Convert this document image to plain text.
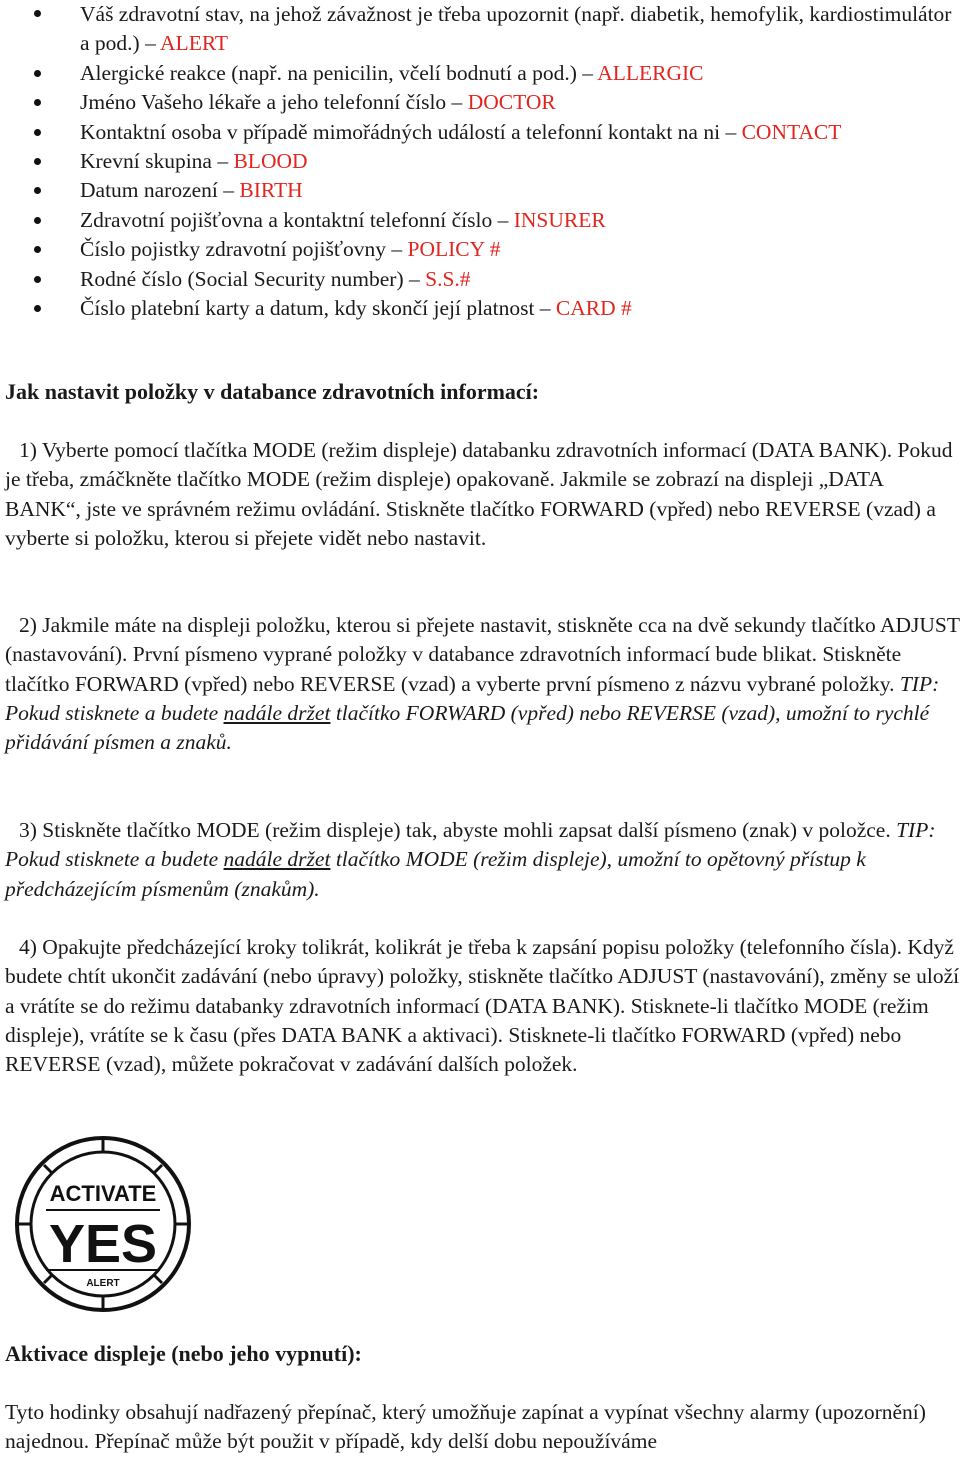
Váš zdravotní stav, na jehož závažnost je třeba upozornit (např. diabetik, hemofylik, kardiostimulátor a pod.) – ALERT
Alergické reakce (např. na penicilin, včelí bodnutí a pod.) – ALLERGIC
Jméno Vašeho lékaře a jeho telefonní číslo – DOCTOR
Kontaktní osoba v případě mimořádných událostí a telefonní kontakt na ni – CONTACT
Krevní skupina – BLOOD
Datum narození – BIRTH
Zdravotní pojišťovna a kontaktní telefonní číslo – INSURER
Číslo pojistky zdravotní pojišťovny – POLICY #
Rodné číslo (Social Security number) – S.S.#
Číslo platební karty a datum, kdy skončí její platnost – CARD #
Jak nastavit položky v databance zdravotních informací:

1) Vyberte pomocí tlačítka MODE (režim displeje) databanku zdravotních informací (DATA BANK). Pokud je třeba, zmáčkněte tlačítko MODE (režim displeje) opakovaně. Jakmile se zobrazí na displeji „DATA BANK“, jste ve správném režimu ovládání. Stiskněte tlačítko FORWARD (vpřed) nebo REVERSE (vzad) a vyberte si položku, kterou si přejete vidět nebo nastavit.

2) Jakmile máte na displeji položku, kterou si přejete nastavit, stiskněte cca na dvě sekundy tlačítko ADJUST (nastavování). První písmeno vyprané položky v databance zdravotních informací bude blikat. Stiskněte tlačítko FORWARD (vpřed) nebo REVERSE (vzad) a vyberte první písmeno z názvu vybrané položky. TIP: Pokud stisknete a budete nadále držet tlačítko FORWARD (vpřed) nebo REVERSE (vzad), umožní to rychlé přidávání písmen a znaků.

3) Stiskněte tlačítko MODE (režim displeje) tak, abyste mohli zapsat další písmeno (znak) v položce. TIP: Pokud stisknete a budete nadále držet tlačítko MODE (režim displeje), umožní to opětovný přístup k předcházejícím písmenům (znakům).

4) Opakujte předcházející kroky tolikrát, kolikrát je třeba k zapsání popisu položky (telefonního čísla). Když budete chtít ukončit zadávání (nebo úpravy) položky, stiskněte tlačítko ADJUST (nastavování), změny se uloží a vrátíte se do režimu databanky zdravotních informací (DATA BANK). Stisknete-li tlačítko MODE (režim displeje), vrátíte se k času (přes DATA BANK a aktivaci). Stisknete-li tlačítko FORWARD (vpřed) nebo REVERSE (vzad), můžete pokračovat v zadávání dalších položek.

ACTIVATE
YES
ALERT
Aktivace displeje (nebo jeho vypnutí):

Tyto hodinky obsahují nadřazený přepínač, který umožňuje zapínat a vypínat všechny alarmy (upozornění) najednou. Přepínač může být použit v případě, kdy delší dobu nepoužíváme
